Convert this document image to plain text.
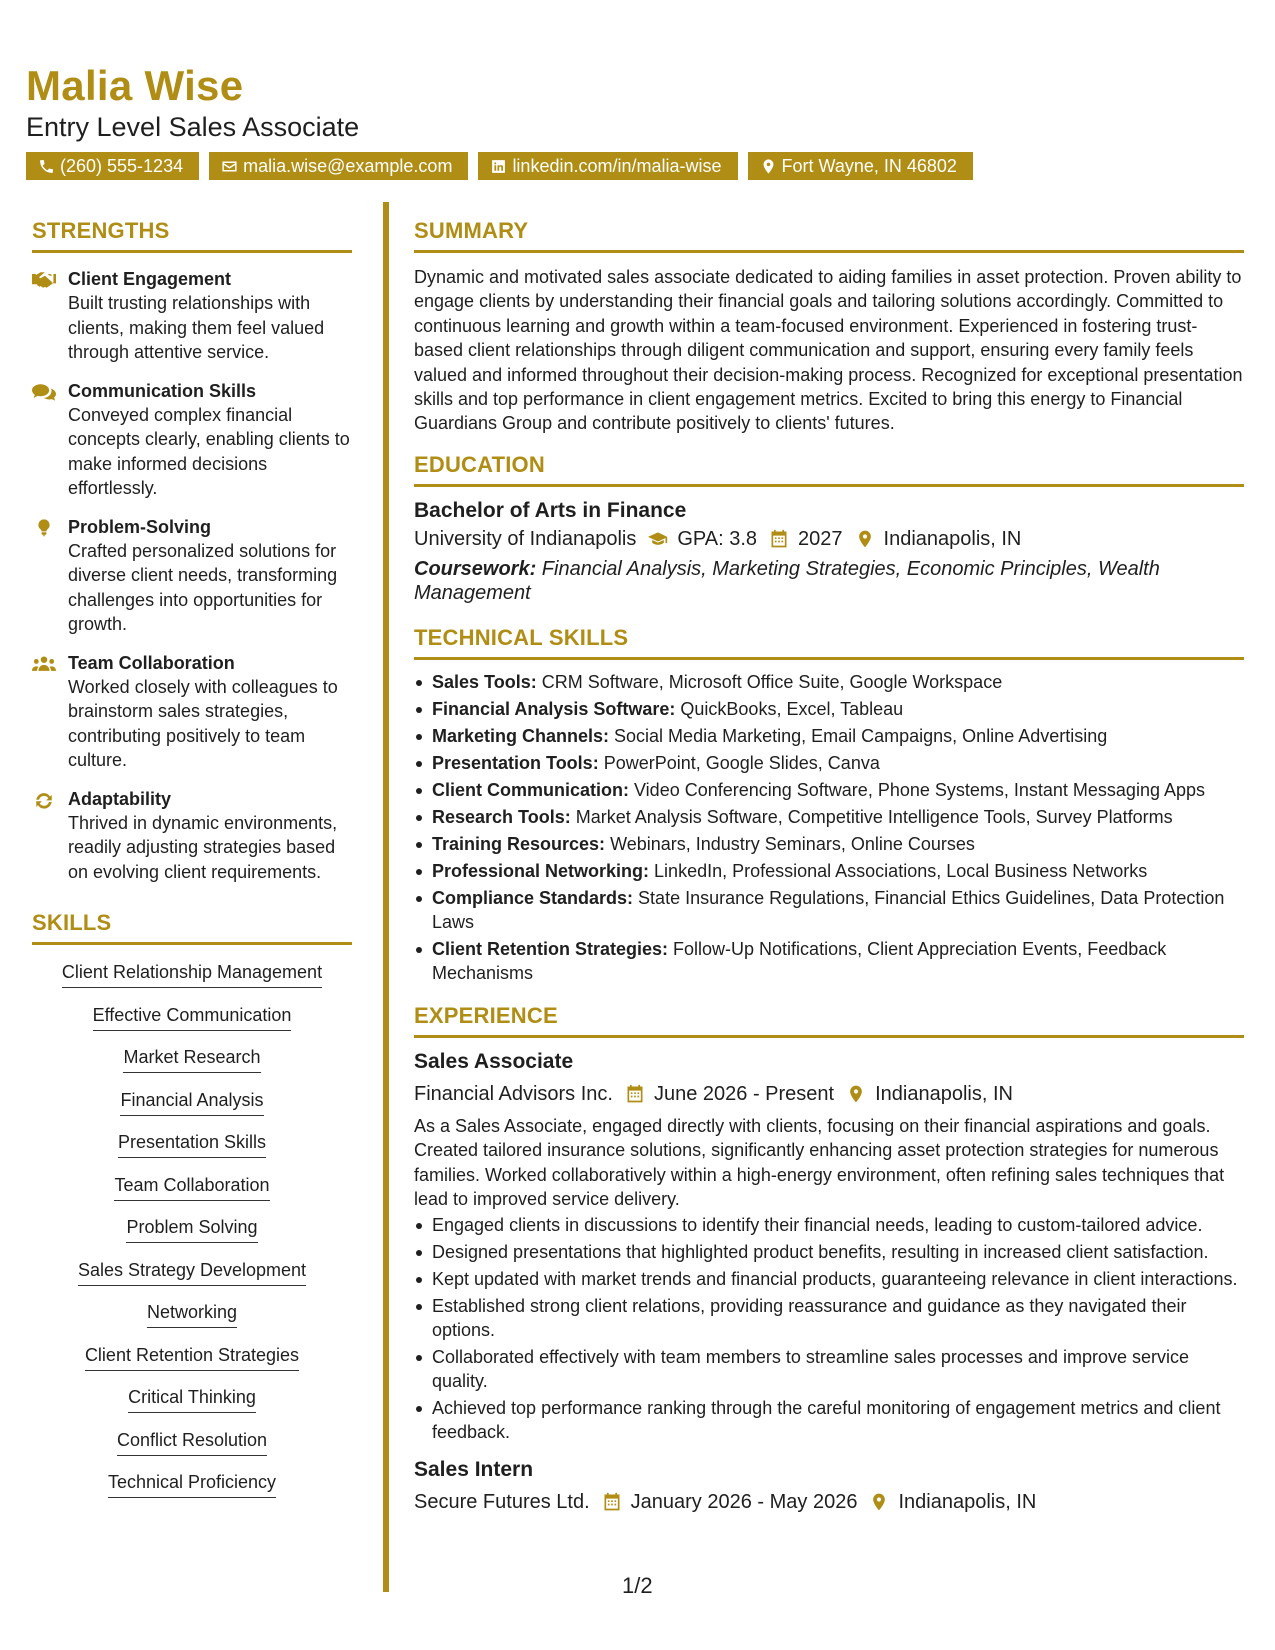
Malia Wise
Entry Level Sales Associate
(260) 555-1234	malia.wise@example.com	linkedin.com/in/malia-wise	Fort Wayne, IN 46802
STRENGTHS
Client Engagement
Built trusting relationships with clients, making them feel valued through attentive service.
Communication Skills
Conveyed complex financial concepts clearly, enabling clients to make informed decisions effortlessly.
Problem-Solving
Crafted personalized solutions for diverse client needs, transforming challenges into opportunities for growth.
Team Collaboration
Worked closely with colleagues to brainstorm sales strategies, contributing positively to team culture.
Adaptability
Thrived in dynamic environments, readily adjusting strategies based on evolving client requirements.
SKILLS
Client Relationship Management
Effective Communication
Market Research
Financial Analysis
Presentation Skills
Team Collaboration
Problem Solving
Sales Strategy Development
Networking
Client Retention Strategies
Critical Thinking
Conflict Resolution
Technical Proficiency
SUMMARY
Dynamic and motivated sales associate dedicated to aiding families in asset protection. Proven ability to engage clients by understanding their financial goals and tailoring solutions accordingly. Committed to continuous learning and growth within a team-focused environment. Experienced in fostering trust-based client relationships through diligent communication and support, ensuring every family feels valued and informed throughout their decision-making process. Recognized for exceptional presentation skills and top performance in client engagement metrics. Excited to bring this energy to Financial Guardians Group and contribute positively to clients' futures.
EDUCATION
Bachelor of Arts in Finance
University of Indianapolis GPA: 3.8 2027 Indianapolis, IN
Coursework: Financial Analysis, Marketing Strategies, Economic Principles, Wealth Management
TECHNICAL SKILLS
Sales Tools: CRM Software, Microsoft Office Suite, Google Workspace
Financial Analysis Software: QuickBooks, Excel, Tableau
Marketing Channels: Social Media Marketing, Email Campaigns, Online Advertising
Presentation Tools: PowerPoint, Google Slides, Canva
Client Communication: Video Conferencing Software, Phone Systems, Instant Messaging Apps
Research Tools: Market Analysis Software, Competitive Intelligence Tools, Survey Platforms
Training Resources: Webinars, Industry Seminars, Online Courses
Professional Networking: LinkedIn, Professional Associations, Local Business Networks
Compliance Standards: State Insurance Regulations, Financial Ethics Guidelines, Data Protection Laws
Client Retention Strategies: Follow-Up Notifications, Client Appreciation Events, Feedback Mechanisms
EXPERIENCE
Sales Associate
Financial Advisors Inc. June 2026 - Present Indianapolis, IN
As a Sales Associate, engaged directly with clients, focusing on their financial aspirations and goals. Created tailored insurance solutions, significantly enhancing asset protection strategies for numerous families. Worked collaboratively within a high-energy environment, often refining sales techniques that lead to improved service delivery.
Engaged clients in discussions to identify their financial needs, leading to custom-tailored advice.
Designed presentations that highlighted product benefits, resulting in increased client satisfaction.
Kept updated with market trends and financial products, guaranteeing relevance in client interactions.
Established strong client relations, providing reassurance and guidance as they navigated their options.
Collaborated effectively with team members to streamline sales processes and improve service quality.
Achieved top performance ranking through the careful monitoring of engagement metrics and client feedback.
Sales Intern
Secure Futures Ltd. January 2026 - May 2026 Indianapolis, IN
1/2
